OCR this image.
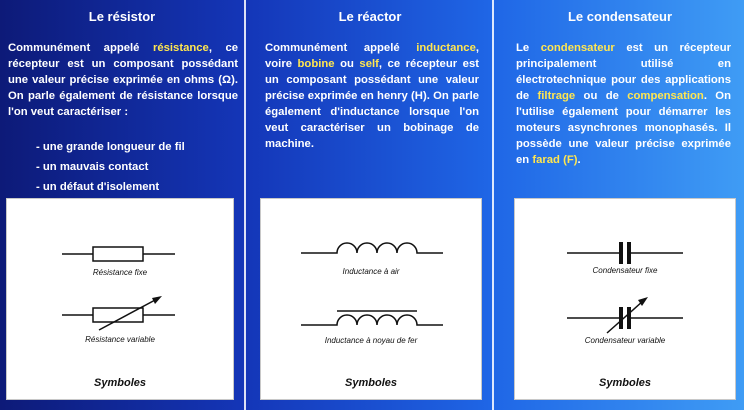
Le résistor
Communément appelé résistance, ce récepteur est un composant possédant une valeur précise exprimée en ohms (Ω). On parle également de résistance lorsque l'on veut caractériser :
- une grande longueur de fil
- un mauvais contact
- un défaut d'isolement
Résistance fixe
Résistance variable
Symboles
Le réactor
Communément appelé inductance, voire bobine ou self, ce récepteur est un composant possédant une valeur précise exprimée en henry (H). On parle également d'inductance lorsque l'on veut caractériser un bobinage de machine.
Inductance à air
Inductance à noyau de fer
Symboles
Le condensateur
Le condensateur est un récepteur principalement utilisé en électrotechnique pour des applications de filtrage ou de compensation. On l'utilise également pour démarrer les moteurs asynchrones monophasés. Il possède une valeur précise exprimée en farad (F).
Condensateur fixe
Condensateur variable
Symboles
